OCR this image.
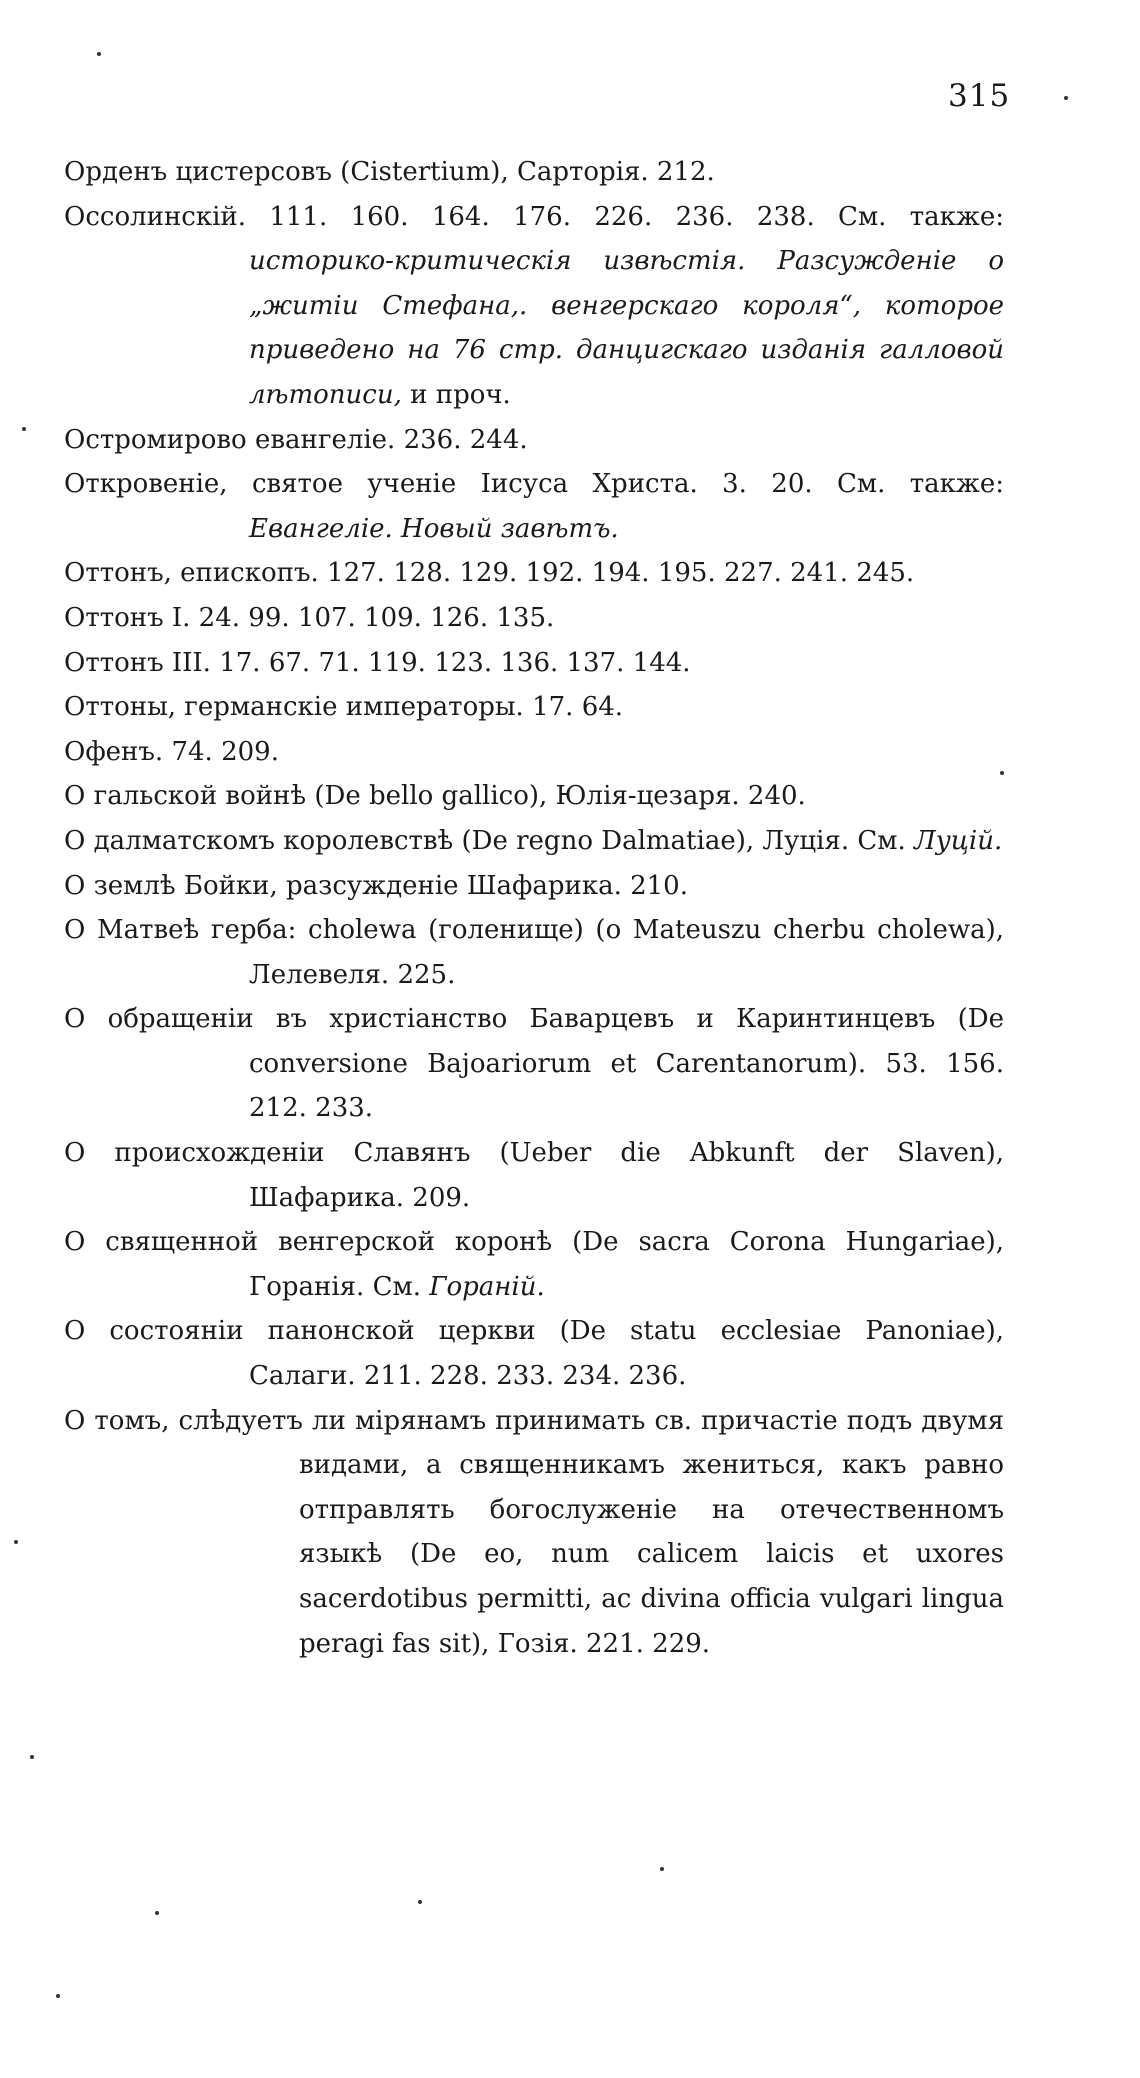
315
Орденъ цистерсовъ (Cistertium), Сарторія. 212.
Оссолинскій. 111. 160. 164. 176. 226. 236. 238. См. также: историко-критическія извѣстія. Разсужденіе о „житіи Стефана,. венгерскаго короля“, которое приведено на 76 стр. данцигскаго изданія галловой лѣтописи, и проч.
Остромирово евангеліе. 236. 244.
Откровеніе, святое ученіе Іисуса Христа. 3. 20. См. также: Евангеліе. Новый завѣтъ.
Оттонъ, епископъ. 127. 128. 129. 192. 194. 195. 227. 241. 245.
Оттонъ I. 24. 99. 107. 109. 126. 135.
Оттонъ III. 17. 67. 71. 119. 123. 136. 137. 144.
Оттоны, германскіе императоры. 17. 64.
Офенъ. 74. 209.
О гальской войнѣ (De bello gallico), Юлія-цезаря. 240.
О далматскомъ королевствѣ (De regno Dalmatiae), Луція. См. Луцій.
О землѣ Бойки, разсужденіе Шафарика. 210.
О Матвеѣ герба: cholewa (голенище) (o Mateuszu cherbu cholewa), Лелевеля. 225.
О обращеніи въ христіанство Баварцевъ и Каринтинцевъ (De conversione Bajoariorum et Carentanorum). 53. 156. 212. 233.
О происхожденіи Славянъ (Ueber die Abkunft der Slaven), Шафарика. 209.
О священной венгерской коронѣ (De sacra Corona Hungariae), Горанія. См. Гораній.
О состояніи панонской церкви (De statu ecclesiae Panoniae), Салаги. 211. 228. 233. 234. 236.
О томъ, слѣдуетъ ли мірянамъ принимать св. причастіе подъ двумя видами, а священникамъ жениться, какъ равно отправлять богослуженіе на отечественномъ языкѣ (De eo, num calicem laicis et uxores sacerdotibus permitti, ac divina officia vulgari lingua peragi fas sit), Гозія. 221. 229.
